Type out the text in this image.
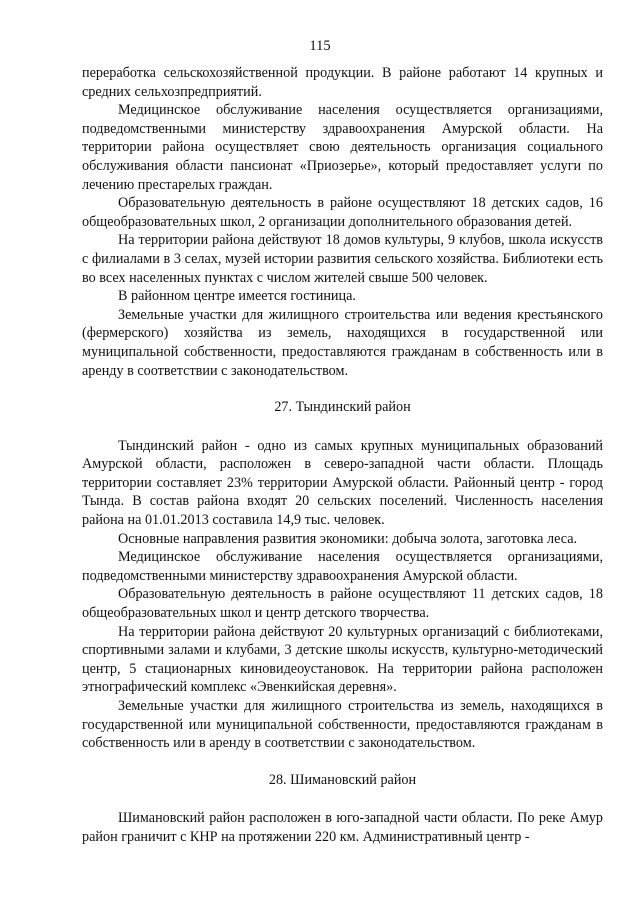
115

переработка сельскохозяйственной продукции. В районе работают 14 крупных и средних сельхозпредприятий.

Медицинское обслуживание населения осуществляется организациями, подведомственными министерству здравоохранения Амурской области. На территории района осуществляет свою деятельность организация социального обслуживания области пансионат «Приозерье», который предоставляет услуги по лечению престарелых граждан.

Образовательную деятельность в районе осуществляют 18 детских садов, 16 общеобразовательных школ, 2 организации дополнительного образования детей.

На территории района действуют 18 домов культуры, 9 клубов, школа искусств с филиалами в 3 селах, музей истории развития сельского хозяйства. Библиотеки есть во всех населенных пунктах с числом жителей свыше 500 человек.

В районном центре имеется гостиница.

Земельные участки для жилищного строительства или ведения крестьянского (фермерского) хозяйства из земель, находящихся в государственной или муниципальной собственности, предоставляются гражданам в собственность или в аренду в соответствии с законодательством.

27. Тындинский район

Тындинский район - одно из самых крупных муниципальных образований Амурской области, расположен в северо-западной части области. Площадь территории составляет 23% территории Амурской области. Районный центр - город Тында. В состав района входят 20 сельских поселений. Численность населения района на 01.01.2013 составила 14,9 тыс. человек.

Основные направления развития экономики: добыча золота, заготовка леса.

Медицинское обслуживание населения осуществляется организациями, подведомственными министерству здравоохранения Амурской области.

Образовательную деятельность в районе осуществляют 11 детских садов, 18 общеобразовательных школ и центр детского творчества.

На территории района действуют 20 культурных организаций с библиотеками, спортивными залами и клубами, 3 детские школы искусств, культурно-методический центр, 5 стационарных киновидеоустановок. На территории района расположен этнографический комплекс «Эвенкийская деревня».

Земельные участки для жилищного строительства из земель, находящихся в государственной или муниципальной собственности, предоставляются гражданам в собственность или в аренду в соответствии с законодательством.

28. Шимановский район

Шимановский район расположен в юго-западной части области. По реке Амур район граничит с КНР на протяжении 220 км. Административный центр -
